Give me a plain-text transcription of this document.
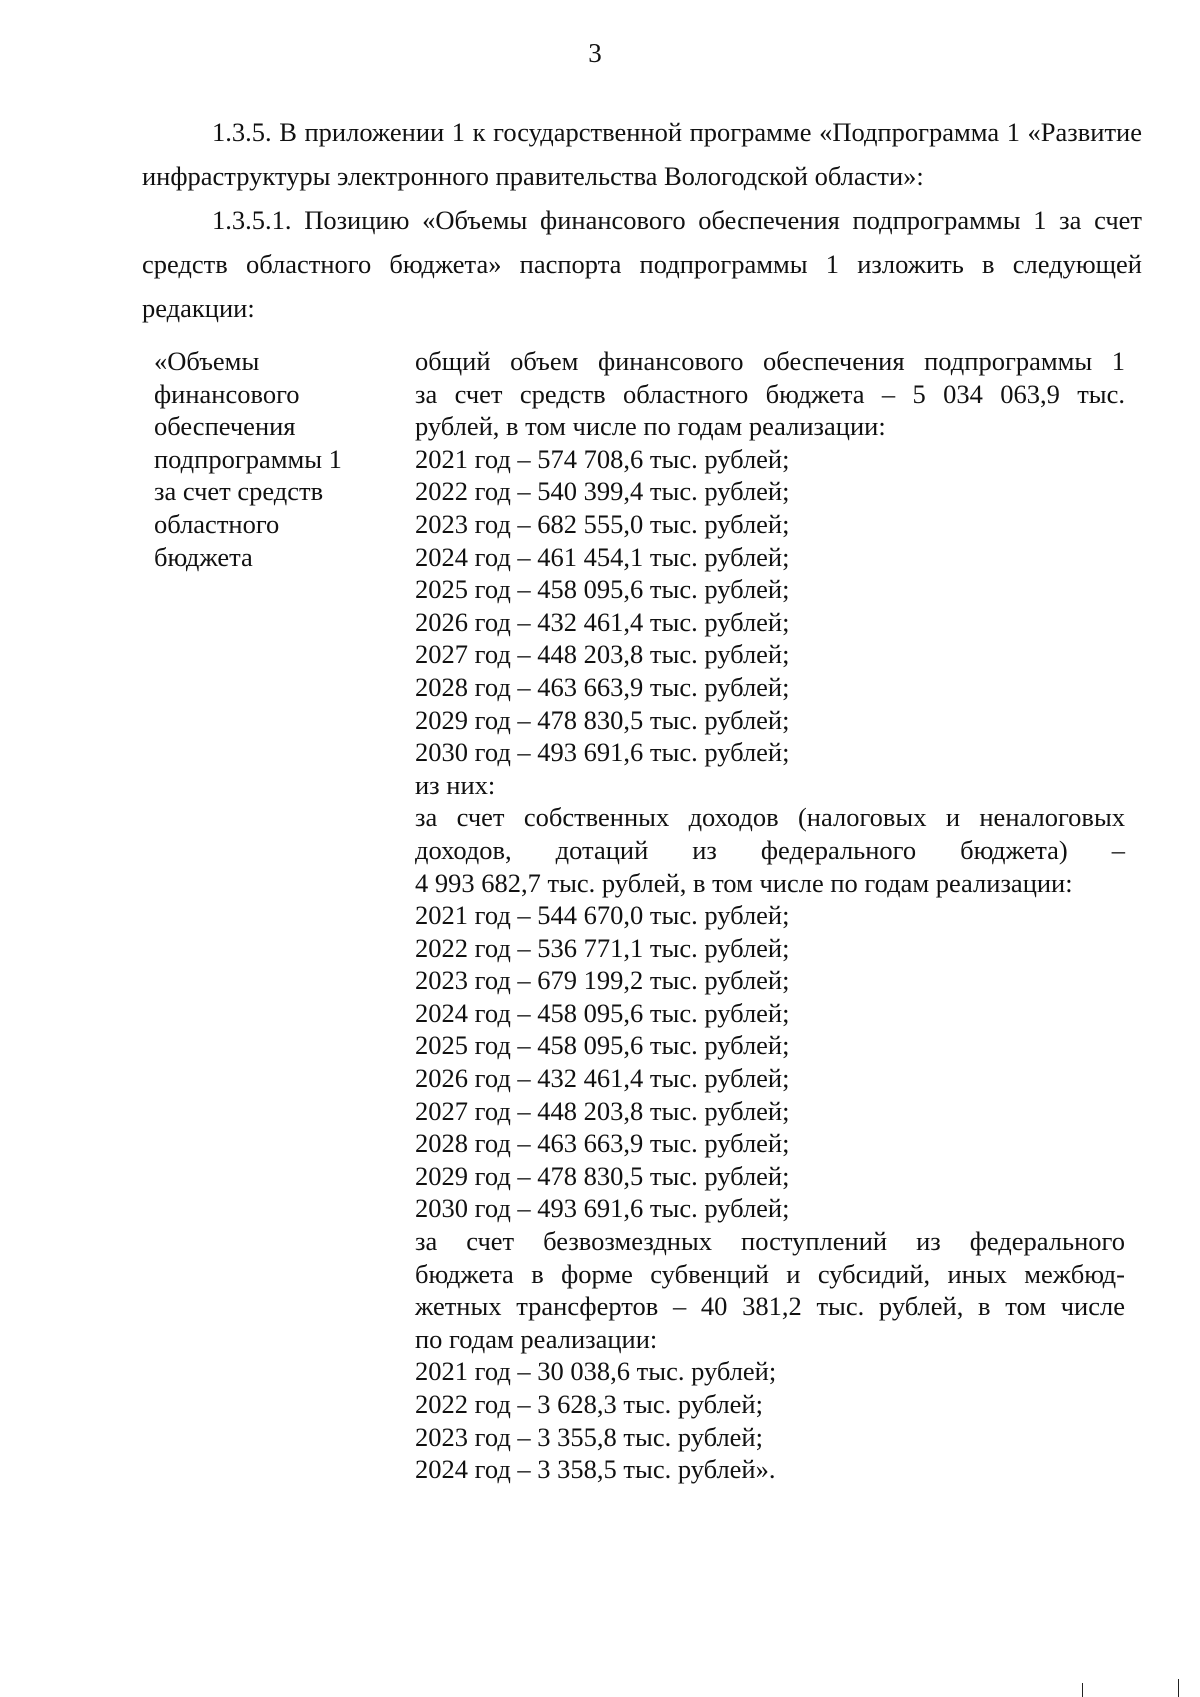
3

1.3.5. В приложении 1 к государственной программе «Подпрограмма 1 «Развитие инфраструктуры электронного правительства Вологодской области»:

1.3.5.1. Позицию «Объемы финансового обеспечения подпрограммы 1 за счет средств областного бюджета» паспорта подпрограммы 1 изложить в следующей редакции:

«Объемы
финансового
обеспечения
подпрограммы 1
за счет средств
областного
бюджета
общий объем финансового обеспечения подпрограммы 1
за счет средств областного бюджета – 5 034 063,9 тыс.
рублей, в том числе по годам реализации:
2021 год – 574 708,6 тыс. рублей;
2022 год – 540 399,4 тыс. рублей;
2023 год – 682 555,0 тыс. рублей;
2024 год – 461 454,1 тыс. рублей;
2025 год – 458 095,6 тыс. рублей;
2026 год – 432 461,4 тыс. рублей;
2027 год – 448 203,8 тыс. рублей;
2028 год – 463 663,9 тыс. рублей;
2029 год – 478 830,5 тыс. рублей;
2030 год – 493 691,6 тыс. рублей;
из них:
за счет собственных доходов (налоговых и неналоговых
доходов, дотаций из федерального бюджета) –
4 993 682,7 тыс. рублей, в том числе по годам реализации:
2021 год – 544 670,0 тыс. рублей;
2022 год – 536 771,1 тыс. рублей;
2023 год – 679 199,2 тыс. рублей;
2024 год – 458 095,6 тыс. рублей;
2025 год – 458 095,6 тыс. рублей;
2026 год – 432 461,4 тыс. рублей;
2027 год – 448 203,8 тыс. рублей;
2028 год – 463 663,9 тыс. рублей;
2029 год – 478 830,5 тыс. рублей;
2030 год – 493 691,6 тыс. рублей;
за счет безвозмездных поступлений из федерального
бюджета в форме субвенций и субсидий, иных межбюд-
жетных трансфертов – 40 381,2 тыс. рублей, в том числе
по годам реализации:
2021 год – 30 038,6 тыс. рублей;
2022 год – 3 628,3 тыс. рублей;
2023 год – 3 355,8 тыс. рублей;
2024 год – 3 358,5 тыс. рублей».
